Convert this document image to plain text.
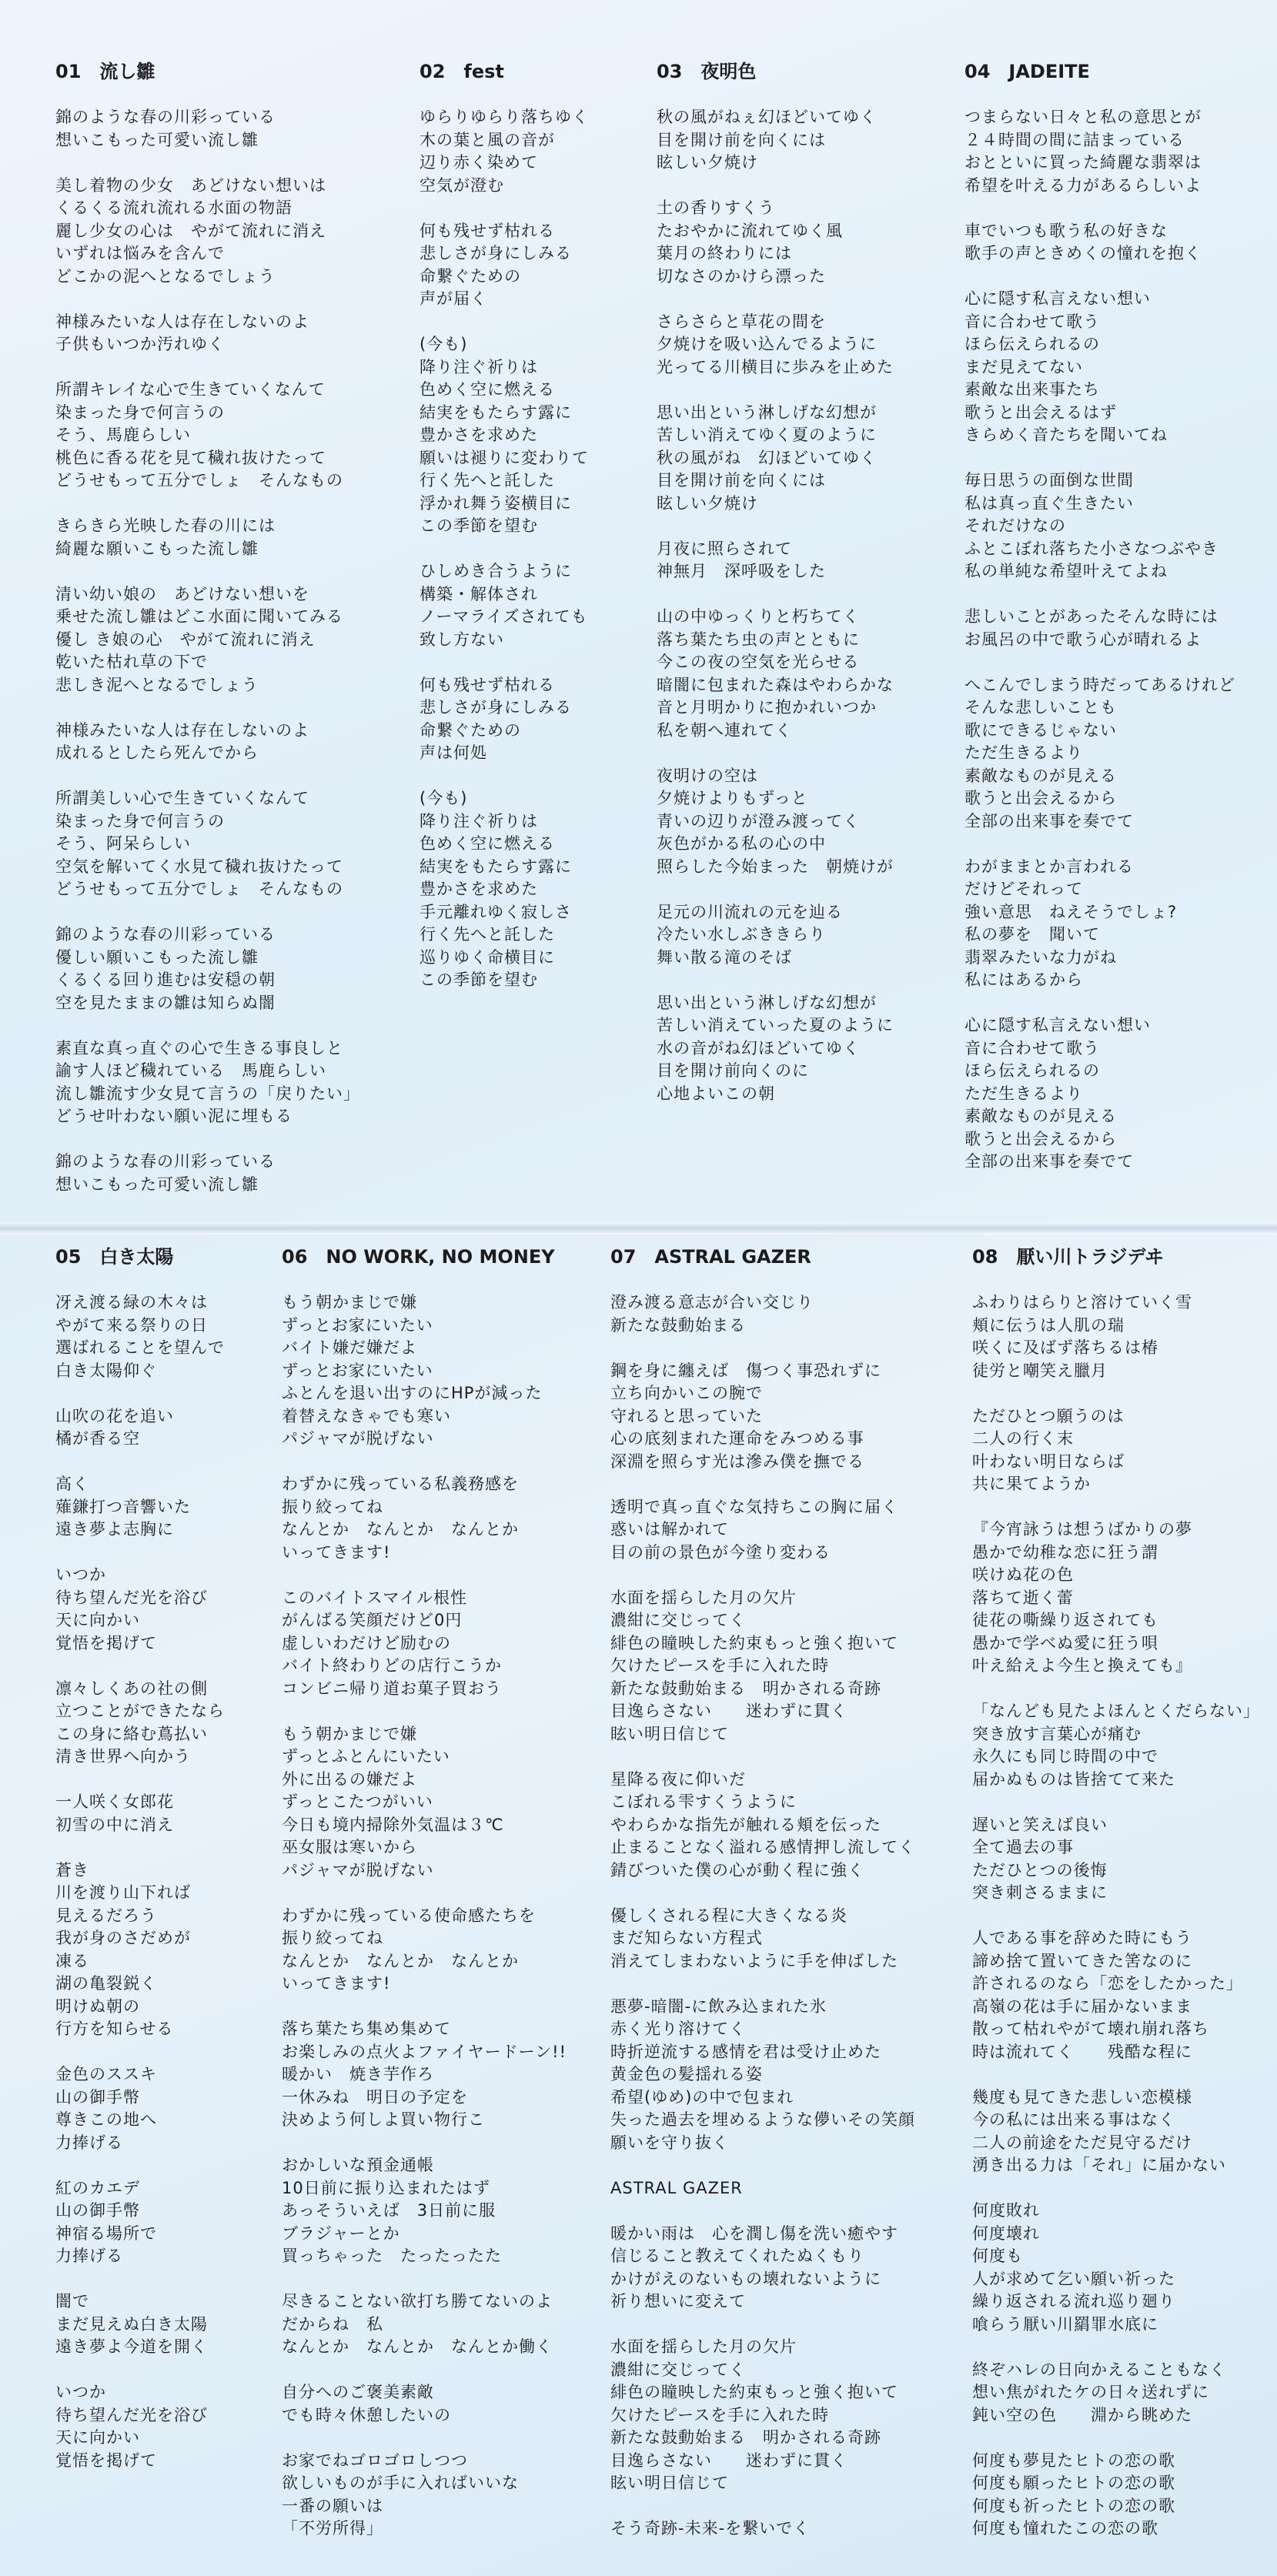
01　流し雛
錦のような春の川彩っている
想いこもった可愛い流し雛

美し着物の少女　あどけない想いは
くるくる流れ流れる水面の物語
麗し少女の心は　やがて流れに消え
いずれは悩みを含んで
どこかの泥へとなるでしょう

神様みたいな人は存在しないのよ
子供もいつか汚れゆく

所謂キレイな心で生きていくなんて
染まった身で何言うの
そう、馬鹿らしい
桃色に香る花を見て穢れ抜けたって
どうせもって五分でしょ　そんなもの

きらきら光映した春の川には
綺麗な願いこもった流し雛

清い幼い娘の　あどけない想いを
乗せた流し雛はどこ水面に聞いてみる
優し き娘の心　やがて流れに消え
乾いた枯れ草の下で
悲しき泥へとなるでしょう

神様みたいな人は存在しないのよ
成れるとしたら死んでから

所謂美しい心で生きていくなんて
染まった身で何言うの
そう、阿呆らしい
空気を解いてく水見て穢れ抜けたって
どうせもって五分でしょ　そんなもの

錦のような春の川彩っている
優しい願いこもった流し雛
くるくる回り進むは安穏の朝
空を見たままの雛は知らぬ闇

素直な真っ直ぐの心で生きる事良しと
諭す人ほど穢れている　馬鹿らしい
流し雛流す少女見て言うの「戻りたい」
どうせ叶わない願い泥に埋もる

錦のような春の川彩っている
想いこもった可愛い流し雛
02　fest
ゆらりゆらり落ちゆく
木の葉と風の音が
辺り赤く染めて
空気が澄む

何も残せず枯れる
悲しさが身にしみる
命繋ぐための
声が届く

(今も)
降り注ぐ祈りは
色めく空に燃える
結実をもたらす露に
豊かさを求めた
願いは褪りに変わりて
行く先へと託した
浮かれ舞う姿横目に
この季節を望む

ひしめき合うように
構築・解体され
ノーマライズされても
致し方ない

何も残せず枯れる
悲しさが身にしみる
命繋ぐための
声は何処

(今も)
降り注ぐ祈りは
色めく空に燃える
結実をもたらす露に
豊かさを求めた
手元離れゆく寂しさ
行く先へと託した
巡りゆく命横目に
この季節を望む
03　夜明色
秋の風がねぇ幻ほどいてゆく
目を開け前を向くには
眩しい夕焼け

土の香りすくう
たおやかに流れてゆく風
葉月の終わりには
切なさのかけら漂った

さらさらと草花の間を
夕焼けを吸い込んでるように
光ってる川横目に歩みを止めた

思い出という淋しげな幻想が
苦しい消えてゆく夏のように
秋の風がね　幻ほどいてゆく
目を開け前を向くには
眩しい夕焼け

月夜に照らされて
神無月　深呼吸をした

山の中ゆっくりと朽ちてく
落ち葉たち虫の声とともに
今この夜の空気を光らせる
暗闇に包まれた森はやわらかな
音と月明かりに抱かれいつか
私を朝へ連れてく

夜明けの空は
夕焼けよりもずっと
青いの辺りが澄み渡ってく
灰色がかる私の心の中
照らした今始まった　朝焼けが

足元の川流れの元を辿る
冷たい水しぶききらり
舞い散る滝のそば

思い出という淋しげな幻想が
苦しい消えていった夏のように
水の音がね幻ほどいてゆく
目を開け前向くのに
心地よいこの朝
04　JADEITE
つまらない日々と私の意思とが
２４時間の間に詰まっている
おとといに買った綺麗な翡翠は
希望を叶える力があるらしいよ

車でいつも歌う私の好きな
歌手の声ときめくの憧れを抱く

心に隠す私言えない想い
音に合わせて歌う
ほら伝えられるの
まだ見えてない
素敵な出来事たち
歌うと出会えるはず
きらめく音たちを聞いてね

毎日思うの面倒な世間
私は真っ直ぐ生きたい
それだけなの
ふとこぼれ落ちた小さなつぶやき
私の単純な希望叶えてよね

悲しいことがあったそんな時には
お風呂の中で歌う心が晴れるよ

へこんでしまう時だってあるけれど
そんな悲しいことも
歌にできるじゃない
ただ生きるより
素敵なものが見える
歌うと出会えるから
全部の出来事を奏でて

わがままとか言われる
だけどそれって
強い意思　ねえそうでしょ?
私の夢を　聞いて
翡翠みたいな力がね
私にはあるから

心に隠す私言えない想い
音に合わせて歌う
ほら伝えられるの
ただ生きるより
素敵なものが見える
歌うと出会えるから
全部の出来事を奏でて
05　白き太陽
冴え渡る緑の木々は
やがて来る祭りの日
選ばれることを望んで
白き太陽仰ぐ

山吹の花を追い
橘が香る空

高く
薙鎌打つ音響いた
遠き夢よ志胸に

いつか
待ち望んだ光を浴び
天に向かい
覚悟を掲げて

凛々しくあの社の側
立つことができたなら
この身に絡む蔦払い
清き世界へ向かう

一人咲く女郎花
初雪の中に消え

蒼き
川を渡り山下れば
見えるだろう
我が身のさだめが
凍る
湖の亀裂鋭く
明けぬ朝の
行方を知らせる

金色のススキ
山の御手幣
尊きこの地へ
力捧げる

紅のカエデ
山の御手幣
神宿る場所で
力捧げる

闇で
まだ見えぬ白き太陽
遠き夢よ今道を開く

いつか
待ち望んだ光を浴び
天に向かい
覚悟を掲げて
06　NO WORK, NO MONEY
もう朝かまじで嫌
ずっとお家にいたい
バイト嫌だ嫌だよ
ずっとお家にいたい
ふとんを退い出すのにHPが減った
着替えなきゃでも寒い
パジャマが脱げない

わずかに残っている私義務感を
振り絞ってね
なんとか　なんとか　なんとか
いってきます!

このバイトスマイル根性
がんばる笑顔だけど0円
虚しいわだけど励むの
バイト終わりどの店行こうか
コンビニ帰り道お菓子買おう

もう朝かまじで嫌
ずっとふとんにいたい
外に出るの嫌だよ
ずっとこたつがいい
今日も境内掃除外気温は３℃
巫女服は寒いから
パジャマが脱げない

わずかに残っている使命感たちを
振り絞ってね
なんとか　なんとか　なんとか
いってきます!

落ち葉たち集め集めて
お楽しみの点火よファイヤードーン!!
暖かい　焼き芋作ろ
一休みね　明日の予定を
決めよう何しよ買い物行こ

おかしいな預金通帳
10日前に振り込まれたはず
あっそういえば　3日前に服
ブラジャーとか
買っちゃった　たったったた

尽きることない欲打ち勝てないのよ
だからね　私
なんとか　なんとか　なんとか働く

自分へのご褒美素敵
でも時々休憩したいの

お家でねゴロゴロしつつ
欲しいものが手に入ればいいな
一番の願いは
「不労所得」
07　ASTRAL GAZER
澄み渡る意志が合い交じり
新たな鼓動始まる

鋼を身に纏えば　傷つく事恐れずに
立ち向かいこの腕で
守れると思っていた
心の底刻まれた運命をみつめる事
深淵を照らす光は滲み僕を撫でる

透明で真っ直ぐな気持ちこの胸に届く
惑いは解かれて
目の前の景色が今塗り変わる

水面を揺らした月の欠片
濃紺に交じってく
緋色の瞳映した約束もっと強く抱いて
欠けたピースを手に入れた時
新たな鼓動始まる　明かされる奇跡
目逸らさない　　迷わずに貫く
眩い明日信じて

星降る夜に仰いだ
こぼれる雫すくうように
やわらかな指先が触れる頬を伝った
止まることなく溢れる感情押し流してく
錆びついた僕の心が動く程に強く

優しくされる程に大きくなる炎
まだ知らない方程式
消えてしまわないように手を伸ばした

悪夢-暗闇-に飲み込まれた氷
赤く光り溶けてく
時折逆流する感情を君は受け止めた
黄金色の髪揺れる姿
希望(ゆめ)の中で包まれ
失った過去を埋めるような儚いその笑顔
願いを守り抜く

ASTRAL GAZER

暖かい雨は　心を潤し傷を洗い癒やす
信じること教えてくれたぬくもり
かけがえのないもの壊れないように
祈り想いに変えて

水面を揺らした月の欠片
濃紺に交じってく
緋色の瞳映した約束もっと強く抱いて
欠けたピースを手に入れた時
新たな鼓動始まる　明かされる奇跡
目逸らさない　　迷わずに貫く
眩い明日信じて

そう奇跡-未来-を繋いでく
08　厭い川トラジデヰ
ふわりはらりと溶けていく雪
頬に伝うは人肌の瑞
咲くに及ばず落ちるは椿
徒労と嘲笑え臘月

ただひとつ願うのは
二人の行く末
叶わない明日ならば
共に果てようか

『今宵詠うは想うばかりの夢
愚かで幼稚な恋に狂う謂
咲けぬ花の色
落ちて逝く蕾
徒花の嘶繰り返されても
愚かで学べぬ愛に狂う唄
叶え給えよ今生と換えても』

「なんども見たよほんとくだらない」
突き放す言葉心が痛む
永久にも同じ時間の中で
届かぬものは皆捨てて来た

遅いと笑えば良い
全て過去の事
ただひとつの後悔
突き刺さるままに

人である事を辞めた時にもう
諦め捨て置いてきた筈なのに
許されるのなら「恋をしたかった」
高嶺の花は手に届かないまま
散って枯れやがて壊れ崩れ落ち
時は流れてく　　残酷な程に

幾度も見てきた悲しい恋模様
今の私には出来る事はなく
二人の前途をただ見守るだけ
湧き出る力は「それ」に届かない

何度敗れ
何度壊れ
何度も
人が求めて乞い願い祈った
繰り返される流れ巡り廻り
喰らう厭い川羂罪水底に

終ぞハレの日向かえることもなく
想い焦がれたケの日々送れずに
鈍い空の色　　淵から眺めた

何度も夢見たヒトの恋の歌
何度も願ったヒトの恋の歌
何度も祈ったヒトの恋の歌
何度も憧れたこの恋の歌
